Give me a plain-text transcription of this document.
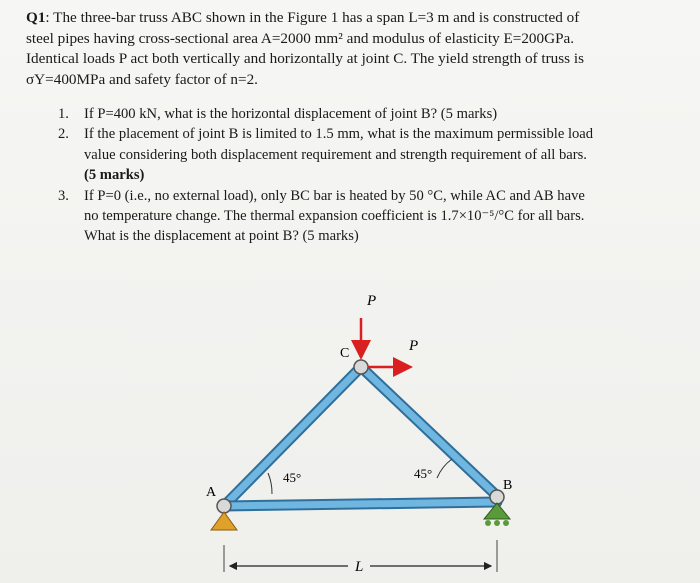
Q1: The three-bar truss ABC shown in the Figure 1 has a span L=3 m and is constructed of
steel pipes having cross-sectional area A=2000 mm² and modulus of elasticity E=200GPa.
Identical loads P act both vertically and horizontally at joint C. The yield strength of truss is
σY=400MPa and safety factor of n=2.
1. If P=400 kN, what is the horizontal displacement of joint B? (5 marks)
2. If the placement of joint B is limited to 1.5 mm, what is the maximum permissible load
value considering both displacement requirement and strength requirement of all bars.
(5 marks)
3. If P=0 (i.e., no external load), only BC bar is heated by 50 °C, while AC and AB have
no temperature change. The thermal expansion coefficient is 1.7×10⁻⁵/°C for all bars.
What is the displacement at point B? (5 marks)
P
P
C
A	B
45°	45°
L
